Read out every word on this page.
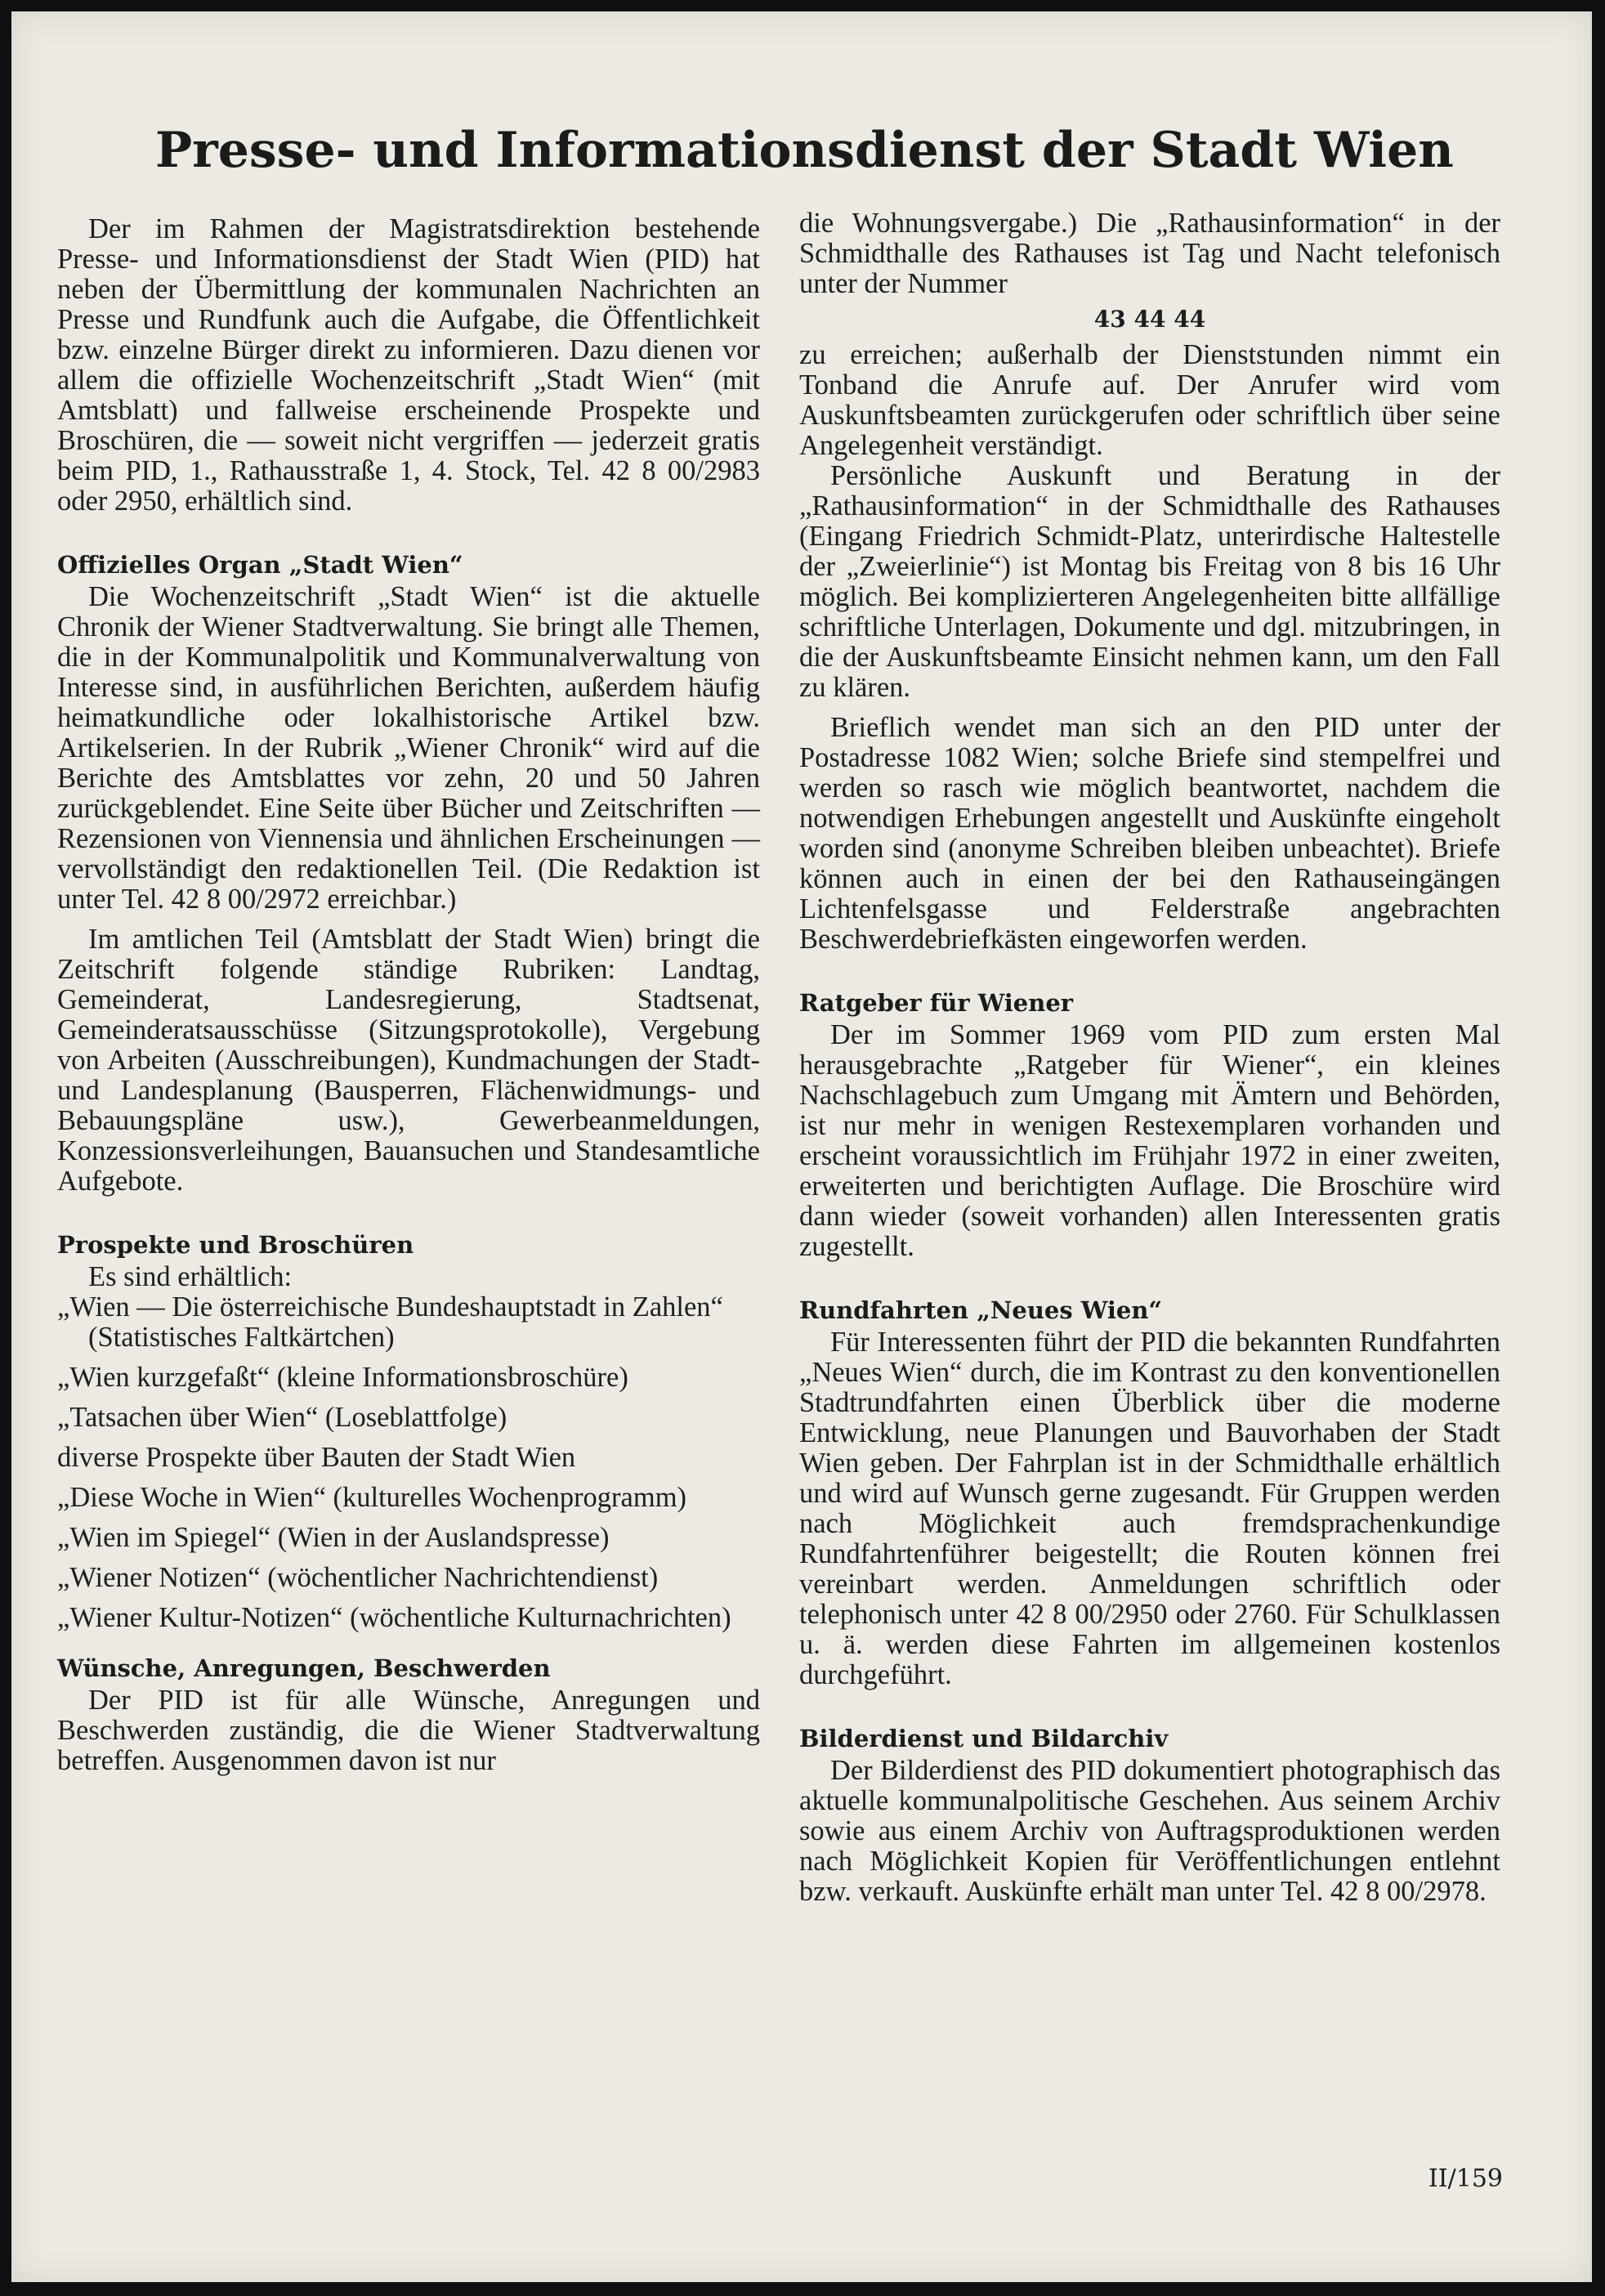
Presse- und Informationsdienst der Stadt Wien

Der im Rahmen der Magistratsdirektion bestehende Presse- und Informationsdienst der Stadt Wien (PID) hat neben der Übermittlung der kommunalen Nachrichten an Presse und Rundfunk auch die Aufgabe, die Öffentlichkeit bzw. einzelne Bürger direkt zu informieren. Dazu dienen vor allem die offizielle Wochenzeitschrift „Stadt Wien“ (mit Amtsblatt) und fallweise erscheinende Prospekte und Broschüren, die — soweit nicht vergriffen — jederzeit gratis beim PID, 1., Rathausstraße 1, 4. Stock, Tel. 42 8 00/2983 oder 2950, erhältlich sind.

Offizielles Organ „Stadt Wien“

Die Wochenzeitschrift „Stadt Wien“ ist die aktuelle Chronik der Wiener Stadtverwaltung. Sie bringt alle Themen, die in der Kommunalpolitik und Kommunalverwaltung von Interesse sind, in ausführlichen Berichten, außerdem häufig heimatkundliche oder lokalhistorische Artikel bzw. Artikelserien. In der Rubrik „Wiener Chronik“ wird auf die Berichte des Amtsblattes vor zehn, 20 und 50 Jahren zurückgeblendet. Eine Seite über Bücher und Zeitschriften — Rezensionen von Viennensia und ähnlichen Erscheinungen — vervollständigt den redaktionellen Teil. (Die Redaktion ist unter Tel. 42 8 00/2972 erreichbar.)

Im amtlichen Teil (Amtsblatt der Stadt Wien) bringt die Zeitschrift folgende ständige Rubriken: Landtag, Gemeinderat, Landesregierung, Stadtsenat, Gemeinderatsausschüsse (Sitzungsprotokolle), Vergebung von Arbeiten (Ausschreibungen), Kundmachungen der Stadt- und Landesplanung (Bausperren, Flächenwidmungs- und Bebauungspläne usw.), Gewerbeanmeldungen, Konzessionsverleihungen, Bauansuchen und Standesamtliche Aufgebote.

Prospekte und Broschüren

Es sind erhältlich:

„Wien — Die österreichische Bundeshauptstadt in Zahlen“
(Statistisches Faltkärtchen)
„Wien kurzgefaßt“ (kleine Informationsbroschüre)
„Tatsachen über Wien“ (Loseblattfolge)
diverse Prospekte über Bauten der Stadt Wien
„Diese Woche in Wien“ (kulturelles Wochenprogramm)
„Wien im Spiegel“ (Wien in der Auslandspresse)
„Wiener Notizen“ (wöchentlicher Nachrichtendienst)
„Wiener Kultur-Notizen“ (wöchentliche Kulturnachrichten)
Wünsche, Anregungen, Beschwerden

Der PID ist für alle Wünsche, Anregungen und Beschwerden zuständig, die die Wiener Stadtverwaltung betreffen. Ausgenommen davon ist nur

die Wohnungsvergabe.) Die „Rathausinformation“ in der Schmidthalle des Rathauses ist Tag und Nacht telefonisch unter der Nummer

43 44 44

zu erreichen; außerhalb der Dienststunden nimmt ein Tonband die Anrufe auf. Der Anrufer wird vom Auskunftsbeamten zurückgerufen oder schriftlich über seine Angelegenheit verständigt.

Persönliche Auskunft und Beratung in der „Rathausinformation“ in der Schmidthalle des Rathauses (Eingang Friedrich Schmidt-Platz, unterirdische Haltestelle der „Zweierlinie“) ist Montag bis Freitag von 8 bis 16 Uhr möglich. Bei komplizierteren Angelegenheiten bitte allfällige schriftliche Unterlagen, Dokumente und dgl. mitzubringen, in die der Auskunftsbeamte Einsicht nehmen kann, um den Fall zu klären.

Brieflich wendet man sich an den PID unter der Postadresse 1082 Wien; solche Briefe sind stempelfrei und werden so rasch wie möglich beantwortet, nachdem die notwendigen Erhebungen angestellt und Auskünfte eingeholt worden sind (anonyme Schreiben bleiben unbeachtet). Briefe können auch in einen der bei den Rathauseingängen Lichtenfelsgasse und Felderstraße angebrachten Beschwerdebriefkästen eingeworfen werden.

Ratgeber für Wiener

Der im Sommer 1969 vom PID zum ersten Mal herausgebrachte „Ratgeber für Wiener“, ein kleines Nachschlagebuch zum Umgang mit Ämtern und Behörden, ist nur mehr in wenigen Restexemplaren vorhanden und erscheint voraussichtlich im Frühjahr 1972 in einer zweiten, erweiterten und berichtigten Auflage. Die Broschüre wird dann wieder (soweit vorhanden) allen Interessenten gratis zugestellt.

Rundfahrten „Neues Wien“

Für Interessenten führt der PID die bekannten Rundfahrten „Neues Wien“ durch, die im Kontrast zu den konventionellen Stadtrundfahrten einen Überblick über die moderne Entwicklung, neue Planungen und Bauvorhaben der Stadt Wien geben. Der Fahrplan ist in der Schmidthalle erhältlich und wird auf Wunsch gerne zugesandt. Für Gruppen werden nach Möglichkeit auch fremdsprachenkundige Rundfahrtenführer beigestellt; die Routen können frei vereinbart werden. Anmeldungen schriftlich oder telephonisch unter 42 8 00/2950 oder 2760. Für Schulklassen u. ä. werden diese Fahrten im allgemeinen kostenlos durchgeführt.

Bilderdienst und Bildarchiv

Der Bilderdienst des PID dokumentiert photographisch das aktuelle kommunalpolitische Geschehen. Aus seinem Archiv sowie aus einem Archiv von Auftragsproduktionen werden nach Möglichkeit Kopien für Veröffentlichungen entlehnt bzw. verkauft. Auskünfte erhält man unter Tel. 42 8 00/2978.

II/159
